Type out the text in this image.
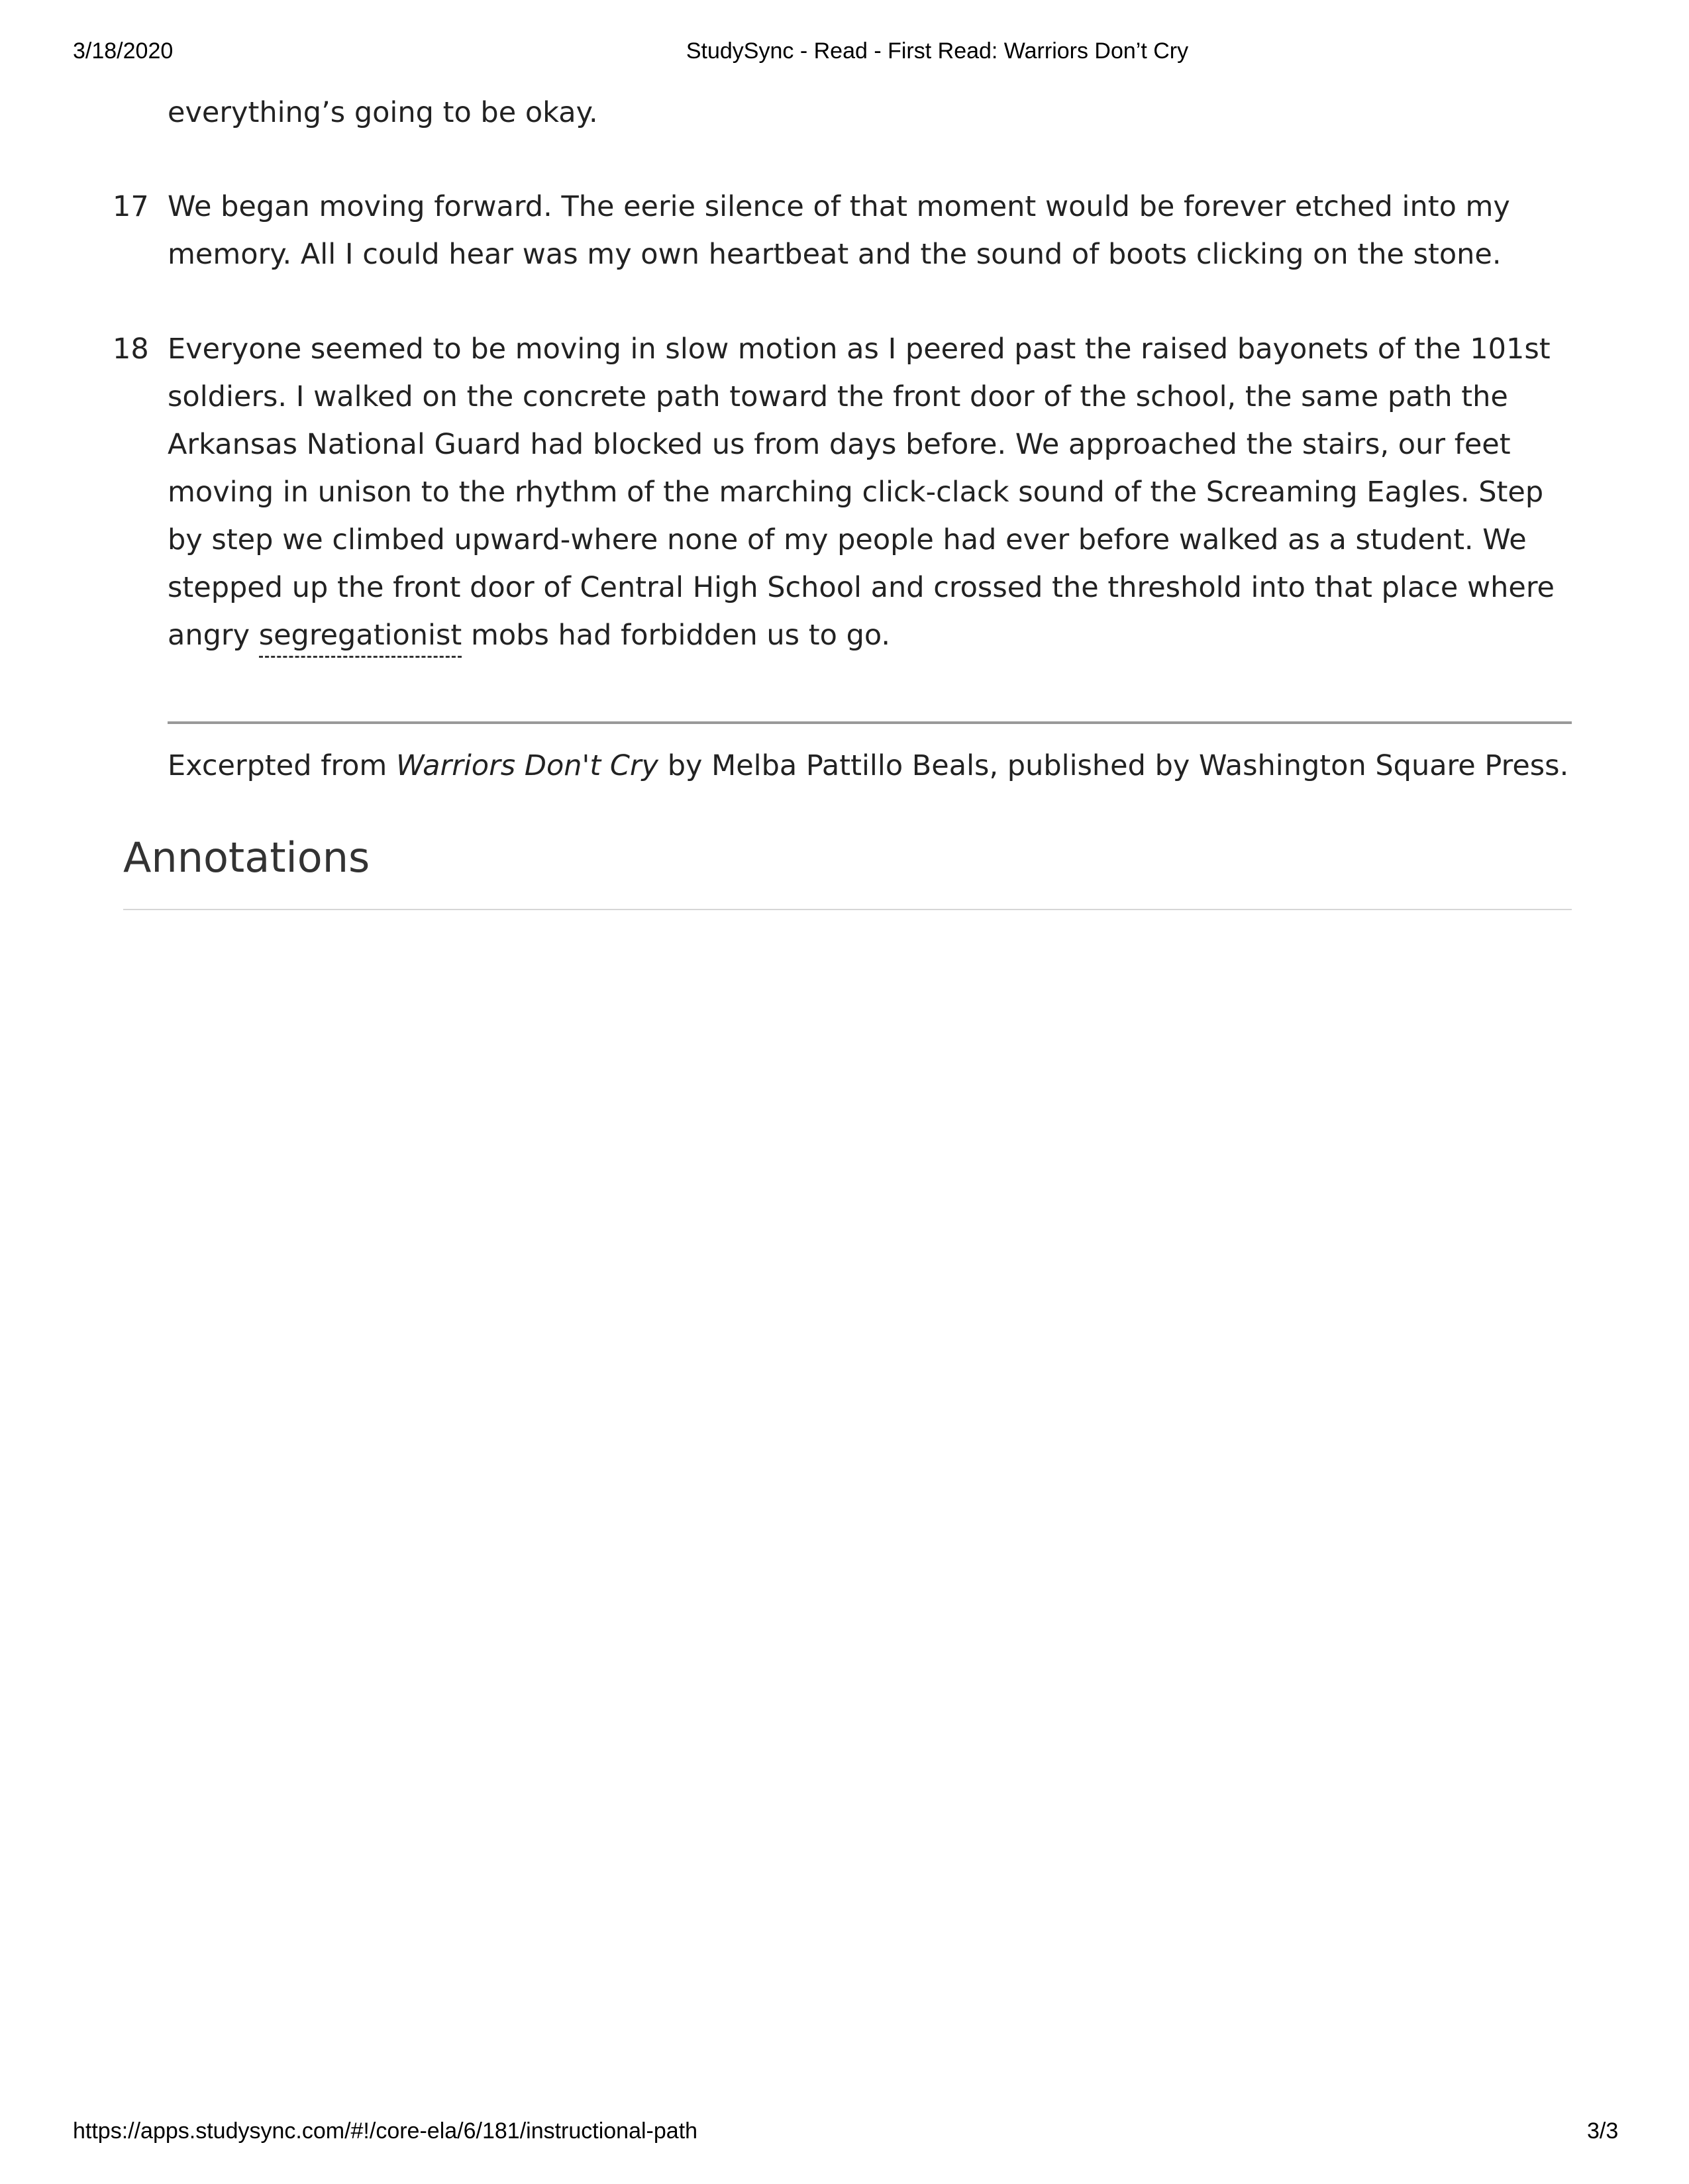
3/18/2020	StudySync - Read - First Read: Warriors Don’t Cry
everything’s going to be okay.
17 We began moving forward. The eerie silence of that moment would be forever etched into my memory. All I could hear was my own heartbeat and the sound of boots clicking on the stone.
18 Everyone seemed to be moving in slow motion as I peered past the raised bayonets of the 101st soldiers. I walked on the concrete path toward the front door of the school, the same path the Arkansas National Guard had blocked us from days before. We approached the stairs, our feet moving in unison to the rhythm of the marching click-clack sound of the Screaming Eagles. Step by step we climbed upward-where none of my people had ever before walked as a student. We stepped up the front door of Central High School and crossed the threshold into that place where angry segregationist mobs had forbidden us to go.
Excerpted from Warriors Don't Cry by Melba Pattillo Beals, published by Washington Square Press.
Annotations
https://apps.studysync.com/#!/core-ela/6/181/instructional-path	3/3
